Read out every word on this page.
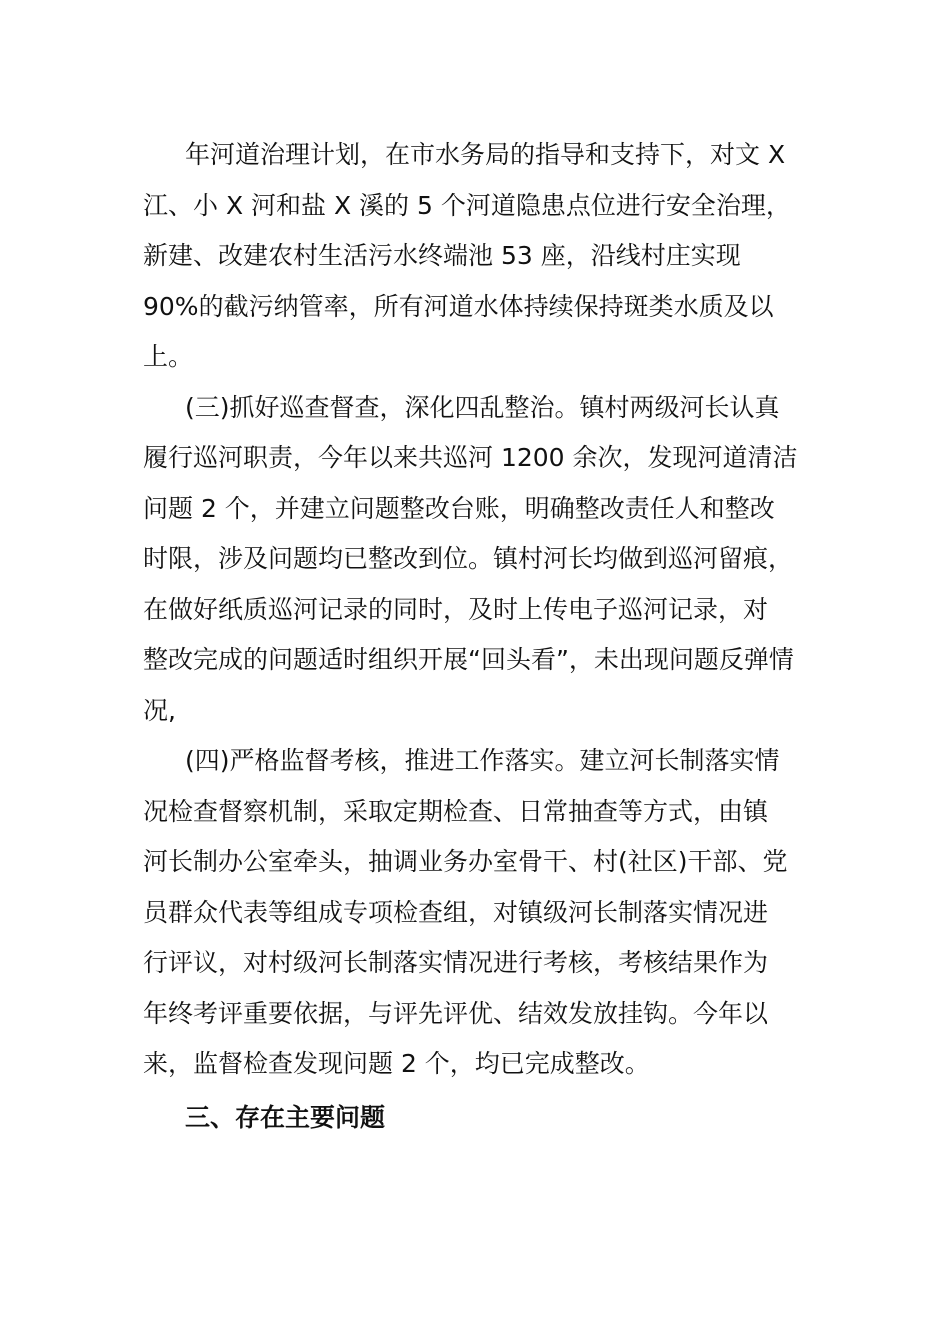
年河道治理计划，在市水务局的指导和支持下，对文 X
江、小 X 河和盐 X 溪的 5 个河道隐患点位进行安全治理，
新建、改建农村生活污水终端池 53 座，沿线村庄实现
90%的截污纳管率，所有河道水体持续保持斑类水质及以
上。
(三)抓好巡查督查，深化四乱整治。镇村两级河长认真
履行巡河职责，今年以来共巡河 1200 余次，发现河道清洁
问题 2 个，并建立问题整改台账，明确整改责任人和整改
时限，涉及问题均已整改到位。镇村河长均做到巡河留痕，
在做好纸质巡河记录的同时，及时上传电子巡河记录，对
整改完成的问题适时组织开展“回头看”，未出现问题反弹情
况,
(四)严格监督考核，推进工作落实。建立河长制落实情
况检查督察机制，采取定期检查、日常抽查等方式，由镇
河长制办公室牵头，抽调业务办室骨干、村(社区)干部、党
员群众代表等组成专项检查组，对镇级河长制落实情况进
行评议，对村级河长制落实情况进行考核，考核结果作为
年终考评重要依据，与评先评优、结效发放挂钩。今年以
来，监督检查发现问题 2 个，均已完成整改。
三、存在主要问题
